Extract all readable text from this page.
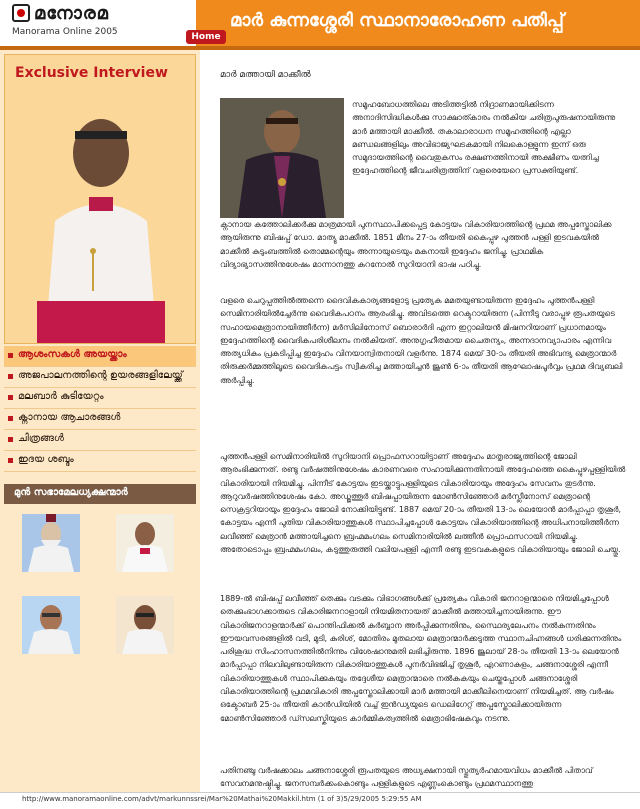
മനോരമ
Manorama Online 2005	Home
മാര്‍ കുന്നശ്ശേരി സ്ഥാനാരോഹണ പതിപ്പ്
Exclusive Interview
ആശംസകള്‍ അയയ്ക്കാം
അജപാലനത്തിന്റെ ഉയരങ്ങളിലേയ്ക്ക്
മലബാര്‍ കുടിയേറ്റം
ക്നാനായ ആചാരങ്ങള്‍
ചിത്രങ്ങള്‍
ഇദയ ശബ്ദം
മുന്‍ സഭാമേലധ്യക്ഷന്മാര്‍
മാര്‍ മത്തായി മാക്കീല്‍
സമൂഹബോധത്തിലെ അടിത്തട്ടില്‍ നിദ്രാണമായിക്കിടന്ന അനാദിസിദ്ധികള്‍ക്കു സാക്ഷാത്കാരം നല്‍കിയ ചരിത്രപുരുഷനായിരുന്നു മാര്‍ മത്തായി മാക്കീല്‍. തകാലാരാധന സമൂഹത്തിന്റെ എല്ലാ മണ്ഡലങ്ങളിലും അവിഭാജ്യഘടകമായി നിലകൊള്ളുന്ന ഇന്ന് ഒരു സമുദായത്തിന്റെ വൈതുകസം രക്ഷണത്തിനായി അക്ഷീണം യത്നിച്ച ഇദ്ദേഹത്തിന്റെ ജീവചരിത്രത്തിന് വളരെയേറെ പ്രസക്തിയുണ്ട്.
ക്നാനായ കത്തോലിക്കര്‍ക്കു മാത്രമായി പുനസ്ഥാപിക്കപ്പെട്ട കോട്ടയം വികാരിയാത്തിന്റെ പ്രഥമ അപ്പസ്തോലിക്ക ആയിരുന്നു ബിഷപ്പ് ഡോ. മാത്യു മാക്കീല്‍. 1851 മീനം 27-ാം തീയതി കൈപ്പുഴ പുത്തന്‍ പള്ളി ഇടവകയില്‍ മാക്കീല്‍ കുടുംബത്തില്‍ തൊമ്മന്റെയും അന്നായുടെയും മകനായി ഇദ്ദേഹം ജനിച്ചു. പ്രാഥമിക വിദ്യാഭ്യാസത്തിനുശേഷം മാന്നാനത്തു കുറനോല്‍ സുറിയാനി ഭാഷ പഠിച്ചു.
വളരെ ചെറുപ്പത്തില്‍ത്തന്നെ ദൈവികകാര്യങ്ങളോടു പ്രത്യേക മമതയുണ്ടായിരുന്ന ഇദ്ദേഹം പുത്തന്‍പള്ളി സെമിനാരിയില്‍ച്ചേര്‍ന്നു വൈദികപഠനം ആരംഭിച്ചു. അവിടത്തെ റെക്ടറായിരുന്ന (പിന്നീടു വരാപ്പുഴ രൂപതയുടെ സഹായമെത്രാനായിത്തീര്‍ന്ന) മര്‍സിലിനോസ് ബൊരാര്‍ദി എന്ന ഇറ്റാലിയന്‍ മിഷനറിയാണ് പ്രധാനമായും ഇദ്ദേഹത്തിന്റെ വൈദികപരിശീലനം നല്‍കിയത്. അനുഗൃഹീതമായ ചൈതന്യം, അന്നദാനവ്യാപാരം എന്നിവ അത്യധികം പ്രകടിപ്പിച്ച ഇദ്ദേഹം വിനയാന്വിതനായി വളര്‍ന്നു. 1874 മെയ് 30-ാം തീയതി അഭിവന്ദ്യ മെത്രാന്മാര്‍ തിരുക്കര്‍മ്മത്തിലൂടെ വൈദികപട്ടം സ്വീകരിച്ച മത്തായിച്ചന്‍ ജൂണ്‍ 6-ാം തീയതി ആഘോഷപൂര്‍വ്വം പ്രഥമ ദിവ്യബലി അര്‍പ്പിച്ചു.
പുത്തന്‍പള്ളി സെമിനാരിയില്‍ സുറിയാനി പ്രൊഫസറായിട്ടാണ് അദ്ദേഹം മാതൃരാജ്യത്തിന്റെ ജോലി ആരംഭിക്കുന്നത്. രണ്ടു വര്‍ഷത്തിനുശേഷം കാരണവരെ സഹായിക്കുന്നതിനായി അദ്ദേഹത്തെ കൈപ്പുഴപ്പള്ളിയില്‍ വികാരിയായി നിയമിച്ചു. പിന്നീട് കോട്ടയം ഇടയ്ക്കാട്ടുപള്ളിയുടെ വികാരിയായും അദ്ദേഹം സേവനം തുടര്‍ന്നു. ആറുവര്‍ഷത്തിനുശേഷം കോ. അഡ്ജത്തൂര്‍ ബിഷപ്പായിരുന്ന മോണ്‍സിഞ്ഞോര്‍ മര്‍സ്ലീനോസ് മെത്രാന്റെ സെക്രട്ടറിയായും ഇദ്ദേഹം ജോലി നോക്കിയിട്ടുണ്ട്. 1887 മെയ് 20-ാം തീയതി 13-ാം ലെയോന്‍ മാര്‍പ്പാപ്പാ തൃശൂര്‍, കോട്ടയം എന്നീ പുതിയ വികാരിയാത്തുകള്‍ സ്ഥാപിച്ചപ്പോള്‍ കോട്ടയം വികാരിയാത്തിന്റെ അധിപനായിത്തീര്‍ന്ന ലവീഞ്ഞ് മെത്രാന്‍ മത്തായിച്ചനെ ബ്രഹ്മമംഗലം സെമിനാരിയില്‍ ലത്തീന്‍ പ്രൊഫസറായി നിയമിച്ചു. അതോടൊപ്പം ബ്രഹ്മമംഗലം, കടുത്തുരുത്തി വലിയപള്ളി എന്നീ രണ്ടു ഇടവകകളുടെ വികാരിയായും ജോലി ചെയ്തു.
1889-ല്‍ ബിഷപ്പ് ലവീഞ്ഞ് തെക്കും വടക്കും വിഭാഗങ്ങള്‍ക്ക് പ്രത്യേകം വികാരി ജനറാളന്മാരെ നിയമിച്ചപ്പോള്‍ തെക്കുംഭാഗക്കാരുടെ വികാരിജനറാളായി നിയമിതനായത് മാക്കീല്‍ മത്തായിച്ചനായിരുന്നു. ഈ വികാരിജനറാളന്മാര്‍ക്ക് പൊന്തിഫിക്കല്‍ കുര്‍ബ്ബാന അര്‍പ്പിക്കുന്നതിനും, സ്ഥൈര്യലേപനം നല്‍കുന്നതിനും ഈയവസരങ്ങളില്‍ വടി, മുടി, കുരിശ്, മോതിരം മുതലായ മെത്രാന്മാര്‍ക്കടുത്ത സ്ഥാനചിഹ്നങ്ങള്‍ ധരിക്കുന്നതിനും പരിശുദ്ധ സിംഹാസനത്തില്‍നിന്നും വിശേഷാനുമതി ലഭിച്ചിരുന്നു. 1896 ജൂലായ് 28-ാം തീയതി 13-ാം ലെയോന്‍ മാര്‍പ്പാപ്പാ നിലവിലുണ്ടായിരുന്ന വികാരിയാത്തുകള്‍ പുനര്‍വിഭജിച്ച് തൃശൂര്‍, എറണാകുളം, ചങ്ങനാശ്ശേരി എന്നീ വികാരിയാത്തുകള്‍ സ്ഥാപിക്കുകയും തദ്ദേശീയ മെത്രാന്മാരെ നല്‍കുകയും ചെയ്തപ്പോള്‍ ചങ്ങനാശ്ശേരി വികാരിയാത്തിന്റെ പ്രഥമവികാരി അപ്പസ്തോലിക്കായി മാര്‍ മത്തായി മാക്കീലിനെയാണ് നിയമിച്ചത്. ആ വര്‍ഷം ഒക്ടോബര്‍ 25-ാം തീയതി കാന്‍ഡിയില്‍ വച്ച് ഇന്‍ഡ്യയുടെ ഡെലിഗേറ്റ് അപ്പസ്തോലിക്കായിരുന്ന മോണ്‍സിഞ്ഞോര്‍ ഡ്സലസ്കിയുടെ കാര്‍മ്മികത്വത്തില്‍ മെത്രാഭിഷേകവും നടന്നു.
പതിനഞ്ചു വര്‍ഷക്കാലം ചങ്ങനാശ്ശേരി രൂപതയുടെ അധ്യക്ഷനായി സ്തുത്യര്‍ഹമായവിധം മാക്കീല്‍ പിതാവ് സേവനമനുഷ്ഠിച്ചു. ജനസമ്പര്‍ക്കംകൊണ്ടും പള്ളികളുടെ എണ്ണംകൊണ്ടും പ്രഥമസ്ഥാനത്തു
http://www.manoramaonline.com/advt/markunnssrei/Mar%20Mathai%20Makkil.htm (1 of 3)5/29/2005 5:29:55 AM
